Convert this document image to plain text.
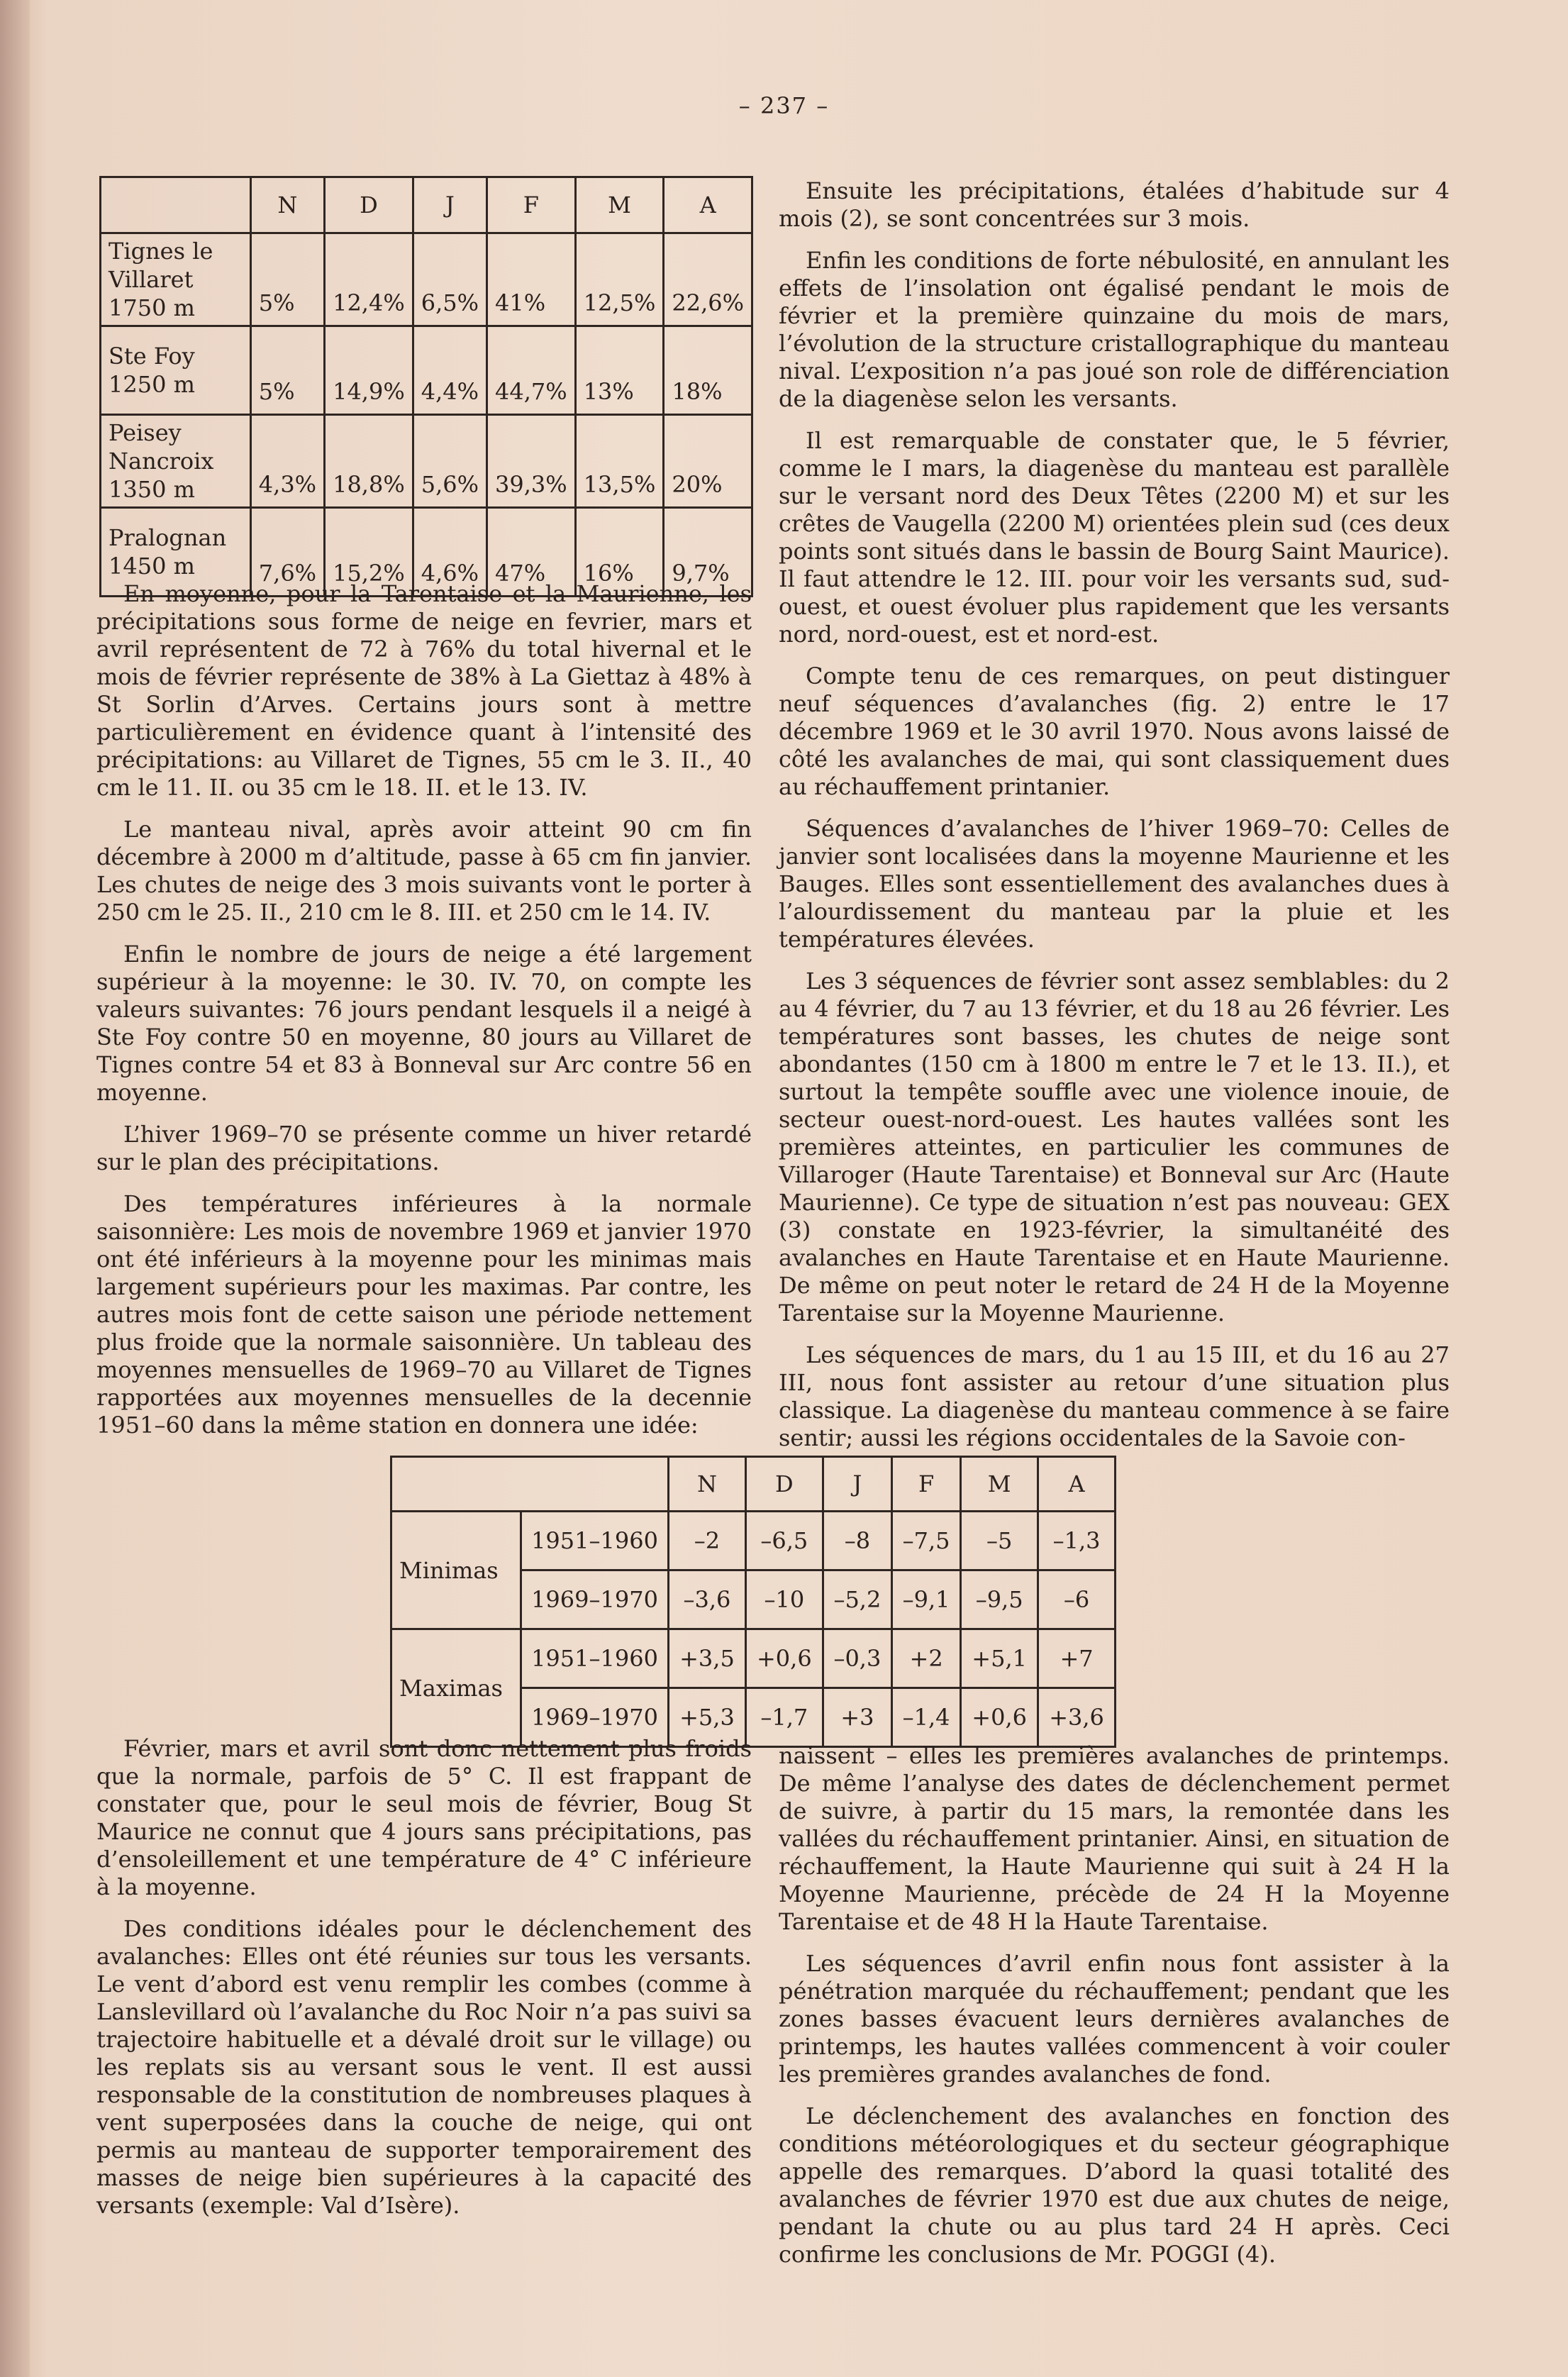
– 237 –
	N	D	J	F	M	A
Tignes le Villaret 1750 m	5%	12,4%	6,5%	41%	12,5%	22,6%
Ste Foy 1250 m	5%	14,9%	4,4%	44,7%	13%	18%
Peisey Nancroix 1350 m	4,3%	18,8%	5,6%	39,3%	13,5%	20%
Pralognan 1450 m	7,6%	15,2%	4,6%	47%	16%	9,7%

En moyenne, pour la Tarentaise et la Maurienne, les précipitations sous forme de neige en fevrier, mars et avril représentent de 72 à 76% du total hivernal et le mois de février représente de 38% à La Giettaz à 48% à St Sorlin d’Arves. Certains jours sont à mettre particulièrement en évidence quant à l’intensité des précipitations: au Villaret de Tignes, 55 cm le 3. II., 40 cm le 11. II. ou 35 cm le 18. II. et le 13. IV.

Le manteau nival, après avoir atteint 90 cm fin décembre à 2000 m d’altitude, passe à 65 cm fin janvier. Les chutes de neige des 3 mois suivants vont le porter à 250 cm le 25. II., 210 cm le 8. III. et 250 cm le 14. IV.

Enfin le nombre de jours de neige a été largement supérieur à la moyenne: le 30. IV. 70, on compte les valeurs suivantes: 76 jours pendant lesquels il a neigé à Ste Foy contre 50 en moyenne, 80 jours au Villaret de Tignes contre 54 et 83 à Bonneval sur Arc contre 56 en moyenne.

L’hiver 1969–70 se présente comme un hiver retardé sur le plan des précipitations.

Des températures inférieures à la normale saisonnière: Les mois de novembre 1969 et janvier 1970 ont été inférieurs à la moyenne pour les minimas mais largement supérieurs pour les maximas. Par contre, les autres mois font de cette saison une période nettement plus froide que la normale saisonnière. Un tableau des moyennes mensuelles de 1969–70 au Villaret de Tignes rapportées aux moyennes mensuelles de la decennie 1951–60 dans la même station en donnera une idée:

Ensuite les précipitations, étalées d’habitude sur 4 mois (2), se sont concentrées sur 3 mois.

Enfin les conditions de forte nébulosité, en annulant les effets de l’insolation ont égalisé pendant le mois de février et la première quinzaine du mois de mars, l’évolution de la structure cristallographique du manteau nival. L’exposition n’a pas joué son role de différenciation de la diagenèse selon les versants.

Il est remarquable de constater que, le 5 février, comme le I mars, la diagenèse du manteau est parallèle sur le versant nord des Deux Têtes (2200 M) et sur les crêtes de Vaugella (2200 M) orientées plein sud (ces deux points sont situés dans le bassin de Bourg Saint Maurice). Il faut attendre le 12. III. pour voir les versants sud, sud-ouest, et ouest évoluer plus rapidement que les versants nord, nord-ouest, est et nord-est.

Compte tenu de ces remarques, on peut distinguer neuf séquences d’avalanches (fig. 2) entre le 17 décembre 1969 et le 30 avril 1970. Nous avons laissé de côté les avalanches de mai, qui sont classiquement dues au réchauffement printanier.

Séquences d’avalanches de l’hiver 1969–70: Celles de janvier sont localisées dans la moyenne Maurienne et les Bauges. Elles sont essentiellement des avalanches dues à l’alourdissement du manteau par la pluie et les températures élevées.

Les 3 séquences de février sont assez semblables: du 2 au 4 février, du 7 au 13 février, et du 18 au 26 février. Les températures sont basses, les chutes de neige sont abondantes (150 cm à 1800 m entre le 7 et le 13. II.), et surtout la tempête souffle avec une violence inouie, de secteur ouest-nord-ouest. Les hautes vallées sont les premières atteintes, en particulier les communes de Villaroger (Haute Tarentaise) et Bonneval sur Arc (Haute Maurienne). Ce type de situation n’est pas nouveau: GEX (3) constate en 1923-février, la simultanéité des avalanches en Haute Tarentaise et en Haute Maurienne. De même on peut noter le retard de 24 H de la Moyenne Tarentaise sur la Moyenne Maurienne.

Les séquences de mars, du 1 au 15 III, et du 16 au 27 III, nous font assister au retour d’une situation plus classique. La diagenèse du manteau commence à se faire sentir; aussi les régions occidentales de la Savoie con-

		N	D	J	F	M	A
Minimas	1951–1960	–2	–6,5	–8	–7,5	–5	–1,3
	1969–1970	–3,6	–10	–5,2	–9,1	–9,5	–6
Maximas	1951–1960	+3,5	+0,6	–0,3	+2	+5,1	+7
	1969–1970	+5,3	–1,7	+3	–1,4	+0,6	+3,6

Février, mars et avril sont donc nettement plus froids que la normale, parfois de 5° C. Il est frappant de constater que, pour le seul mois de février, Boug St Maurice ne connut que 4 jours sans précipitations, pas d’ensoleillement et une température de 4° C inférieure à la moyenne.

Des conditions idéales pour le déclenchement des avalanches: Elles ont été réunies sur tous les versants. Le vent d’abord est venu remplir les combes (comme à Lanslevillard où l’avalanche du Roc Noir n’a pas suivi sa trajectoire habituelle et a dévalé droit sur le village) ou les replats sis au versant sous le vent. Il est aussi responsable de la constitution de nombreuses plaques à vent superposées dans la couche de neige, qui ont permis au manteau de supporter temporairement des masses de neige bien supérieures à la capacité des versants (exemple: Val d’Isère).

naissent – elles les premières avalanches de printemps. De même l’analyse des dates de déclenchement permet de suivre, à partir du 15 mars, la remontée dans les vallées du réchauffement printanier. Ainsi, en situation de réchauffement, la Haute Maurienne qui suit à 24 H la Moyenne Maurienne, précède de 24 H la Moyenne Tarentaise et de 48 H la Haute Tarentaise.

Les séquences d’avril enfin nous font assister à la pénétration marquée du réchauffement; pendant que les zones basses évacuent leurs dernières avalanches de printemps, les hautes vallées commencent à voir couler les premières grandes avalanches de fond.

Le déclenchement des avalanches en fonction des conditions météorologiques et du secteur géographique appelle des remarques. D’abord la quasi totalité des avalanches de février 1970 est due aux chutes de neige, pendant la chute ou au plus tard 24 H après. Ceci confirme les conclusions de Mr. POGGI (4).
